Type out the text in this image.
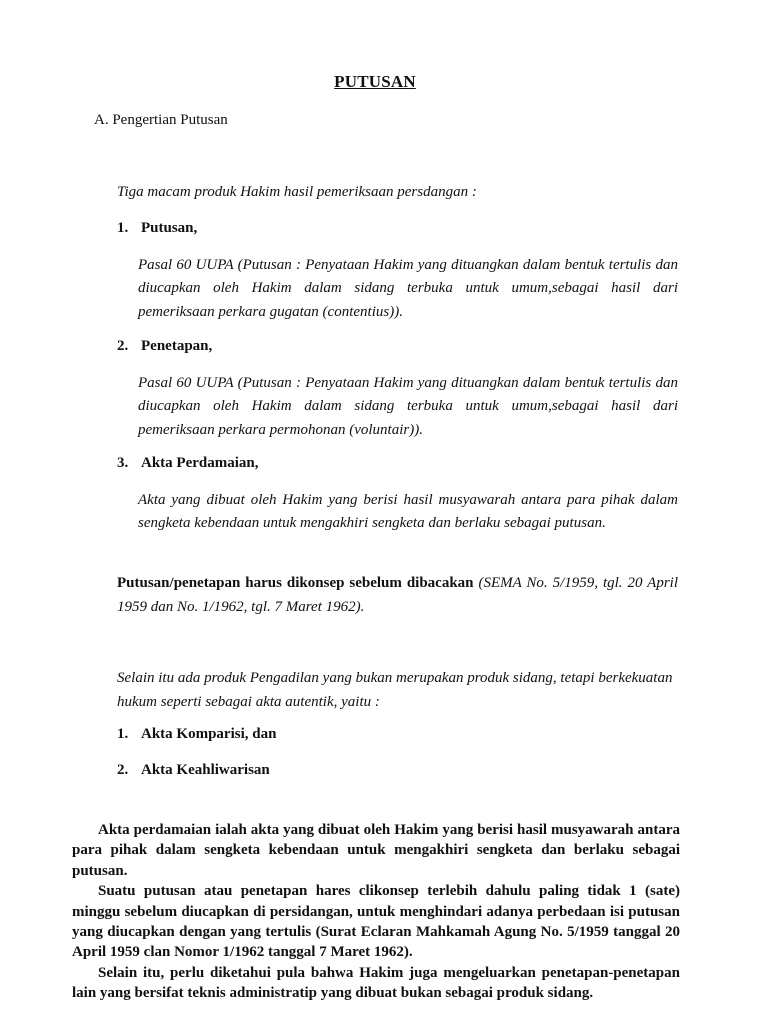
PUTUSAN
A. Pengertian Putusan
Tiga macam produk Hakim hasil pemeriksaan persdangan :
1. Putusan,
Pasal 60 UUPA (Putusan : Penyataan Hakim yang dituangkan dalam bentuk tertulis dan diucapkan oleh Hakim dalam sidang terbuka untuk umum,sebagai hasil dari pemeriksaan perkara gugatan (contentius)).
2. Penetapan,
Pasal 60 UUPA (Putusan : Penyataan Hakim yang dituangkan dalam bentuk tertulis dan diucapkan oleh Hakim dalam sidang terbuka untuk umum,sebagai hasil dari pemeriksaan perkara permohonan (voluntair)).
3. Akta Perdamaian,
Akta yang dibuat oleh Hakim yang berisi hasil musyawarah antara para pihak dalam sengketa kebendaan untuk mengakhiri sengketa dan berlaku sebagai putusan.
Putusan/penetapan harus dikonsep sebelum dibacakan (SEMA No. 5/1959, tgl. 20 April 1959 dan No. 1/1962, tgl. 7 Maret 1962).
Selain itu ada produk Pengadilan yang bukan merupakan produk sidang, tetapi berkekuatan hukum seperti sebagai akta autentik, yaitu :
1. Akta Komparisi, dan
2. Akta Keahliwarisan

Akta perdamaian ialah akta yang dibuat oleh Hakim yang berisi hasil musyawarah antara para pihak dalam sengketa kebendaan untuk mengakhiri sengketa dan berlaku sebagai putusan.

Suatu putusan atau penetapan hares clikonsep terlebih dahulu paling tidak 1 (sate) minggu sebelum diucapkan di persidangan, untuk menghindari adanya perbedaan isi putusan yang diucapkan dengan yang tertulis (Surat Eclaran Mahkamah Agung No. 5/1959 tanggal 20 April 1959 clan Nomor 1/1962 tanggal 7 Maret 1962).

Selain itu, perlu diketahui pula bahwa Hakim juga mengeluarkan penetapan-penetapan lain yang bersifat teknis administratip yang dibuat bukan sebagai produk sidang.
